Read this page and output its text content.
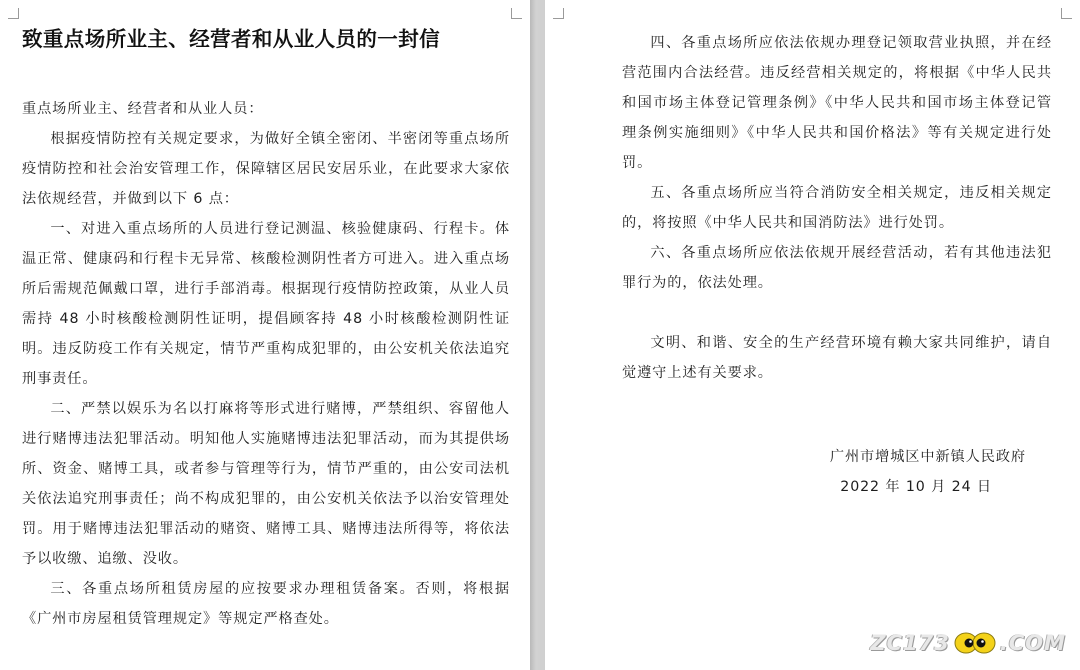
致重点场所业主、经营者和从业人员的一封信

重点场所业主、经营者和从业人员：

根据疫情防控有关规定要求，为做好全镇全密闭、半密闭等重点场所疫情防控和社会治安管理工作，保障辖区居民安居乐业，在此要求大家依法依规经营，并做到以下 6 点：

一、对进入重点场所的人员进行登记测温、核验健康码、行程卡。体温正常、健康码和行程卡无异常、核酸检测阴性者方可进入。进入重点场所后需规范佩戴口罩，进行手部消毒。根据现行疫情防控政策，从业人员需持 48 小时核酸检测阴性证明，提倡顾客持 48 小时核酸检测阴性证明。违反防疫工作有关规定，情节严重构成犯罪的，由公安机关依法追究刑事责任。

二、严禁以娱乐为名以打麻将等形式进行赌博，严禁组织、容留他人进行赌博违法犯罪活动。明知他人实施赌博违法犯罪活动，而为其提供场所、资金、赌博工具，或者参与管理等行为，情节严重的，由公安司法机关依法追究刑事责任；尚不构成犯罪的，由公安机关依法予以治安管理处罚。用于赌博违法犯罪活动的赌资、赌博工具、赌博违法所得等，将依法予以收缴、追缴、没收。

三、各重点场所租赁房屋的应按要求办理租赁备案。否则，将根据《广州市房屋租赁管理规定》等规定严格查处。

四、各重点场所应依法依规办理登记领取营业执照，并在经营范围内合法经营。违反经营相关规定的，将根据《中华人民共和国市场主体登记管理条例》《中华人民共和国市场主体登记管理条例实施细则》《中华人民共和国价格法》等有关规定进行处罚。

五、各重点场所应当符合消防安全相关规定，违反相关规定的，将按照《中华人民共和国消防法》进行处罚。

六、各重点场所应依法依规开展经营活动，若有其他违法犯罪行为的，依法处理。

文明、和谐、安全的生产经营环境有赖大家共同维护，请自觉遵守上述有关要求。

广州市增城区中新镇人民政府
2022 年 10 月 24 日
ZC 173 .COM
